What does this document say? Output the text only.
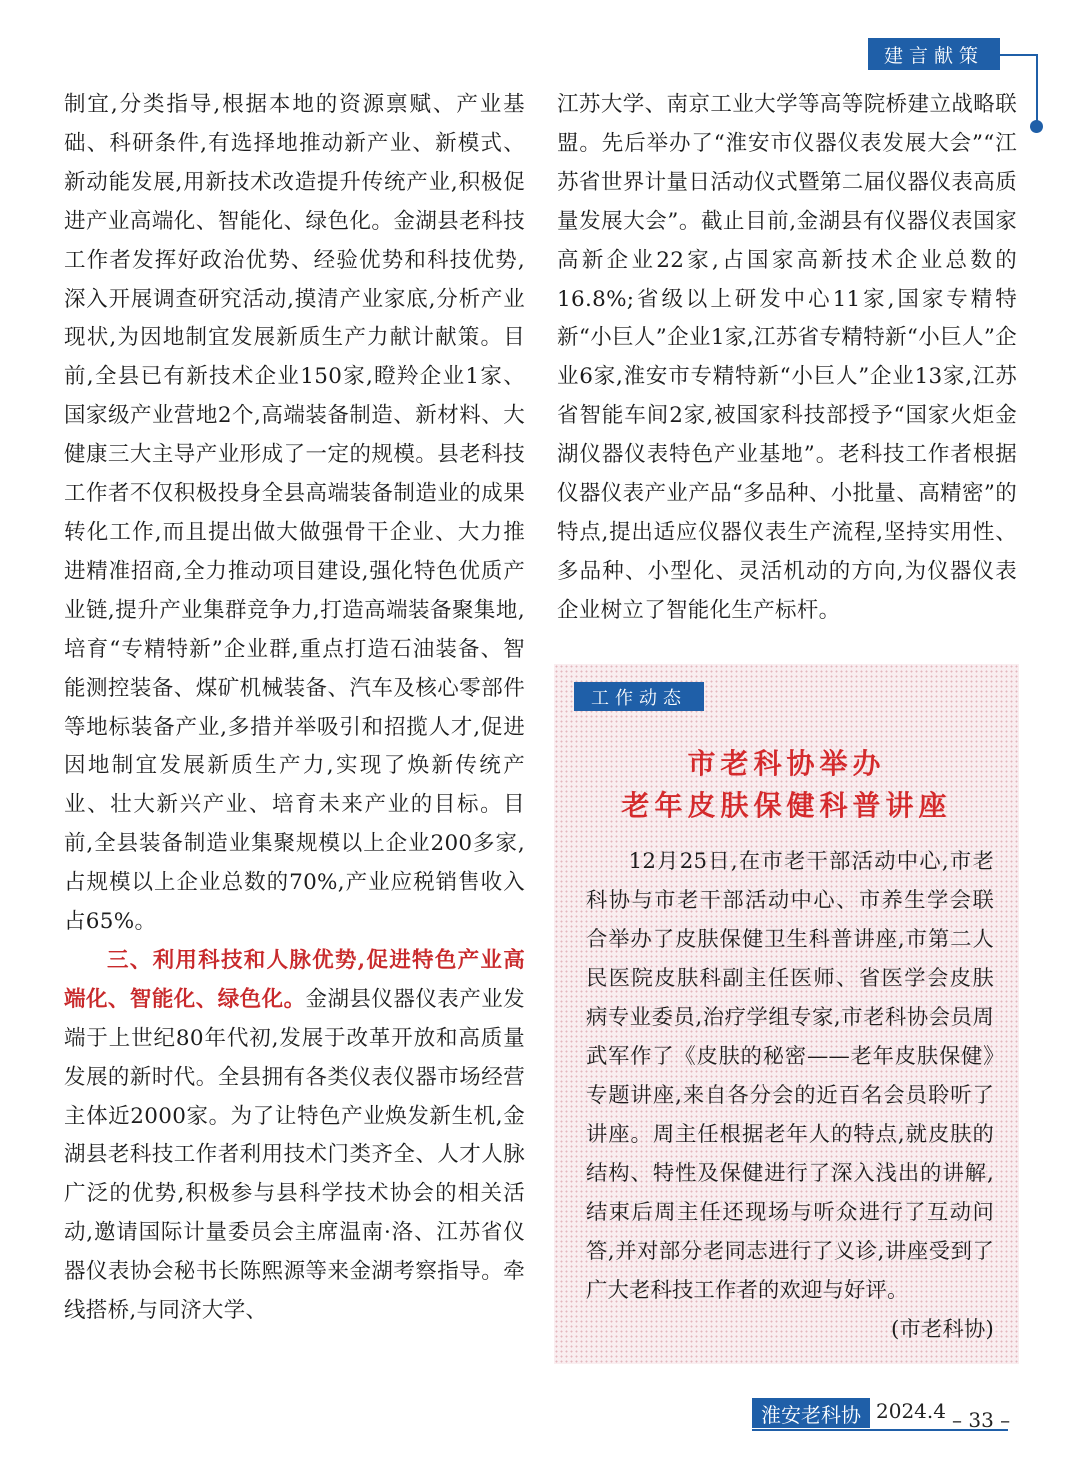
建言献策

制宜,分类指导,根据本地的资源禀赋、产业基础、科研条件,有选择地推动新产业、新模式、新动能发展,用新技术改造提升传统产业,积极促进产业高端化、智能化、绿色化。金湖县老科技工作者发挥好政治优势、经验优势和科技优势,深入开展调查研究活动,摸清产业家底,分析产业现状,为因地制宜发展新质生产力献计献策。目前,全县已有新技术企业150家,瞪羚企业1家、国家级产业营地2个,高端装备制造、新材料、大健康三大主导产业形成了一定的规模。县老科技工作者不仅积极投身全县高端装备制造业的成果转化工作,而且提出做大做强骨干企业、大力推进精准招商,全力推动项目建设,强化特色优质产业链,提升产业集群竞争力,打造高端装备聚集地,培育“专精特新”企业群,重点打造石油装备、智能测控装备、煤矿机械装备、汽车及核心零部件等地标装备产业,多措并举吸引和招揽人才,促进因地制宜发展新质生产力,实现了焕新传统产业、壮大新兴产业、培育未来产业的目标。目前,全县装备制造业集聚规模以上企业200多家,占规模以上企业总数的70%,产业应税销售收入占65%。

三、利用科技和人脉优势,促进特色产业高端化、智能化、绿色化。金湖县仪器仪表产业发端于上世纪80年代初,发展于改革开放和高质量发展的新时代。全县拥有各类仪表仪器市场经营主体近2000家。为了让特色产业焕发新生机,金湖县老科技工作者利用技术门类齐全、人才人脉广泛的优势,积极参与县科学技术协会的相关活动,邀请国际计量委员会主席温南·洛、江苏省仪器仪表协会秘书长陈熙源等来金湖考察指导。牵线搭桥,与同济大学、

江苏大学、南京工业大学等高等院桥建立战略联盟。先后举办了“淮安市仪器仪表发展大会”“江苏省世界计量日活动仪式暨第二届仪器仪表高质量发展大会”。截止目前,金湖县有仪器仪表国家高新企业22家,占国家高新技术企业总数的16.8%;省级以上研发中心11家,国家专精特新“小巨人”企业1家,江苏省专精特新“小巨人”企业6家,淮安市专精特新“小巨人”企业13家,江苏省智能车间2家,被国家科技部授予“国家火炬金湖仪器仪表特色产业基地”。老科技工作者根据仪器仪表产业产品“多品种、小批量、高精密”的特点,提出适应仪器仪表生产流程,坚持实用性、多品种、小型化、灵活机动的方向,为仪器仪表企业树立了智能化生产标杆。

工作动态
市老科协举办
老年皮肤保健科普讲座

12月25日,在市老干部活动中心,市老科协与市老干部活动中心、市养生学会联合举办了皮肤保健卫生科普讲座,市第二人民医院皮肤科副主任医师、省医学会皮肤病专业委员,治疗学组专家,市老科协会员周武军作了《皮肤的秘密——老年皮肤保健》专题讲座,来自各分会的近百名会员聆听了讲座。周主任根据老年人的特点,就皮肤的结构、特性及保健进行了深入浅出的讲解,结束后周主任还现场与听众进行了互动问答,并对部分老同志进行了义诊,讲座受到了广大老科技工作者的欢迎与好评。
(市老科协)

淮安老科协 2024.4 – 33 –
